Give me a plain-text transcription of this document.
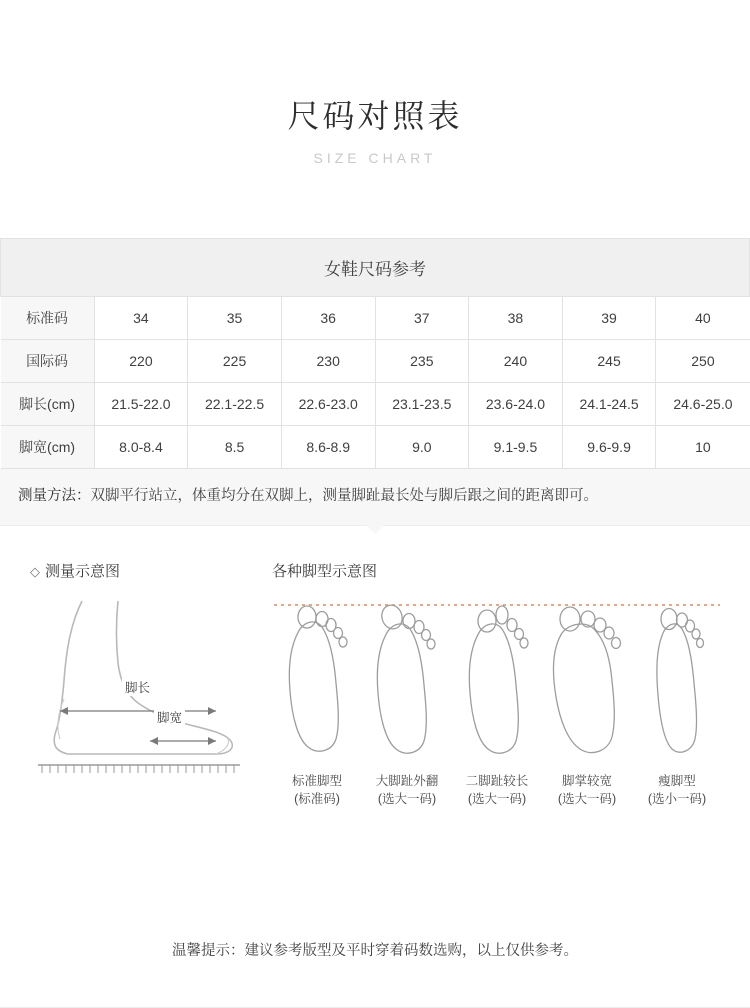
尺码对照表
SIZE CHART
女鞋尺码参考							
标准码	34	35	36	37	38	39	40
国际码	220	225	230	235	240	245	250
脚长(cm)	21.5-22.0	22.1-22.5	22.6-23.0	23.1-23.5	23.6-24.0	24.1-24.5	24.6-25.0
脚宽(cm)	8.0-8.4	8.5	8.6-8.9	9.0	9.1-9.5	9.6-9.9	10
测量方法：双脚平行站立，体重均分在双脚上，测量脚趾最长处与脚后跟之间的距离即可。
◇ 测量示意图
脚长
脚宽
各种脚型示意图
标准脚型
(标准码)
大脚趾外翻
(选大一码)
二脚趾较长
(选大一码)
脚掌较宽
(选大一码)
瘦脚型
(选小一码)
温馨提示：建议参考版型及平时穿着码数选购，以上仅供参考。
